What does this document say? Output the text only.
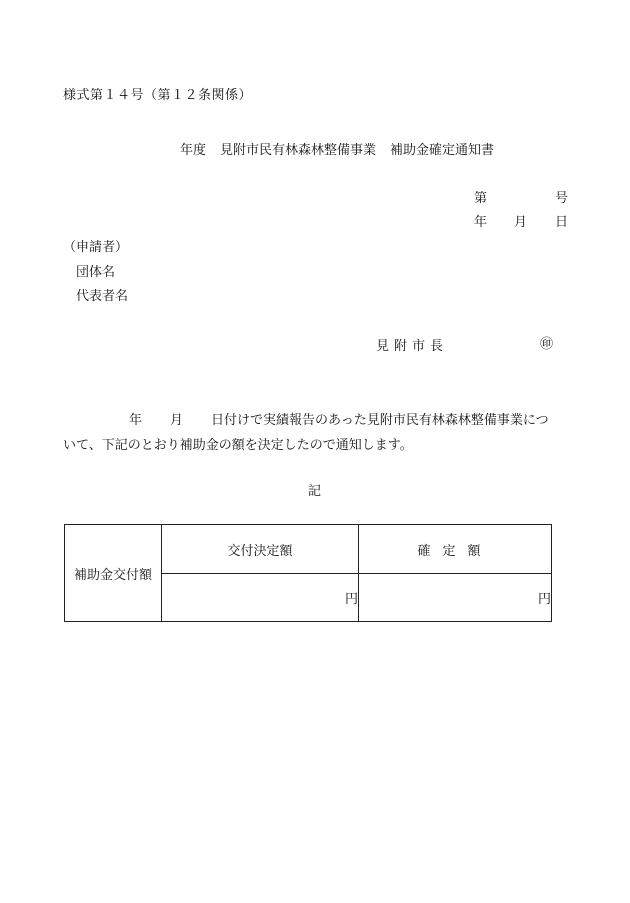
様式第１４号（第１２条関係）
年度 見附市民有林森林整備事業 補助金確定通知書
第	号
年 月 日
（申請者）
団体名
代表者名
見附市長	㊞
年 月 日付けで実績報告のあった見附市民有林森林整備事業について、下記のとおり補助金の額を決定したので通知します。
記
補助金交付額	交付決定額	確定額
	円	円
